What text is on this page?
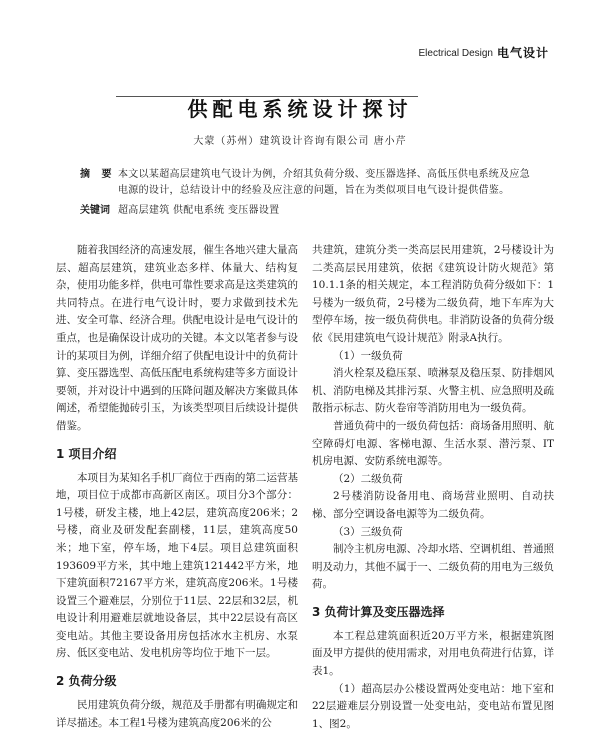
Electrical Design 电气设计
供配电系统设计探讨
大蒙（苏州）建筑设计咨询有限公司 唐小芹
摘 要 本文以某超高层建筑电气设计为例，介绍其负荷分级、变压器选择、高低压供电系统及应急电源的设计，总结设计中的经验及应注意的问题，旨在为类似项目电气设计提供借鉴。
关键词 超高层建筑 供配电系统 变压器设置

随着我国经济的高速发展，催生各地兴建大量高层、超高层建筑，建筑业态多样、体量大、结构复杂，使用功能多样，供电可靠性要求高是这类建筑的共同特点。在进行电气设计时，要力求做到技术先进、安全可靠、经济合理。供配电设计是电气设计的重点，也是确保设计成功的关键。本文以笔者参与设计的某项目为例，详细介绍了供配电设计中的负荷计算、变压器选型、高低压配电系统构建等多方面设计要领，并对设计中遇到的压降问题及解决方案做具体阐述，希望能抛砖引玉，为该类型项目后续设计提供借鉴。

1 项目介绍

本项目为某知名手机厂商位于西南的第二运营基地，项目位于成都市高新区南区。项目分3个部分：1号楼，研发主楼，地上42层，建筑高度206米；2号楼，商业及研发配套副楼，11层，建筑高度50米；地下室，停车场，地下4层。项目总建筑面积193609平方米，其中地上建筑121442平方米，地下建筑面积72167平方米，建筑高度206米。1号楼设置三个避难层，分别位于11层、22层和32层，机电设计利用避难层就地设备层，其中22层设有高区变电站。其他主要设备用房包括冰水主机房、水泵房、低区变电站、发电机房等均位于地下一层。

2 负荷分级

民用建筑负荷分级，规范及手册都有明确规定和详尽描述。本工程1号楼为建筑高度206米的公

共建筑，建筑分类一类高层民用建筑，2号楼设计为二类高层民用建筑，依据《建筑设计防火规范》第10.1.1条的相关规定，本工程消防负荷分级如下：1号楼为一级负荷，2号楼为二级负荷，地下车库为大型停车场，按一级负荷供电。非消防设备的负荷分级依《民用建筑电气设计规范》附录A执行。

（1）一级负荷

消火栓泵及稳压泵、喷淋泵及稳压泵、防排烟风机、消防电梯及其排污泵、火警主机、应急照明及疏散指示标志、防火卷帘等消防用电为一级负荷。

普通负荷中的一级负荷包括：商场备用照明、航空障碍灯电源、客梯电源、生活水泵、潜污泵、IT机房电源、安防系统电源等。

（2）二级负荷

2号楼消防设备用电、商场营业照明、自动扶梯、部分空调设备电源等为二级负荷。

（3）三级负荷

制冷主机房电源、冷却水塔、空调机组、普通照明及动力，其他不属于一、二级负荷的用电为三级负荷。

3 负荷计算及变压器选择

本工程总建筑面积近20万平方米，根据建筑图面及甲方提供的使用需求，对用电负荷进行估算，详表1。

（1）超高层办公楼设置两处变电站：地下室和22层避难层分别设置一处变电站，变电站布置见图1、图2。
